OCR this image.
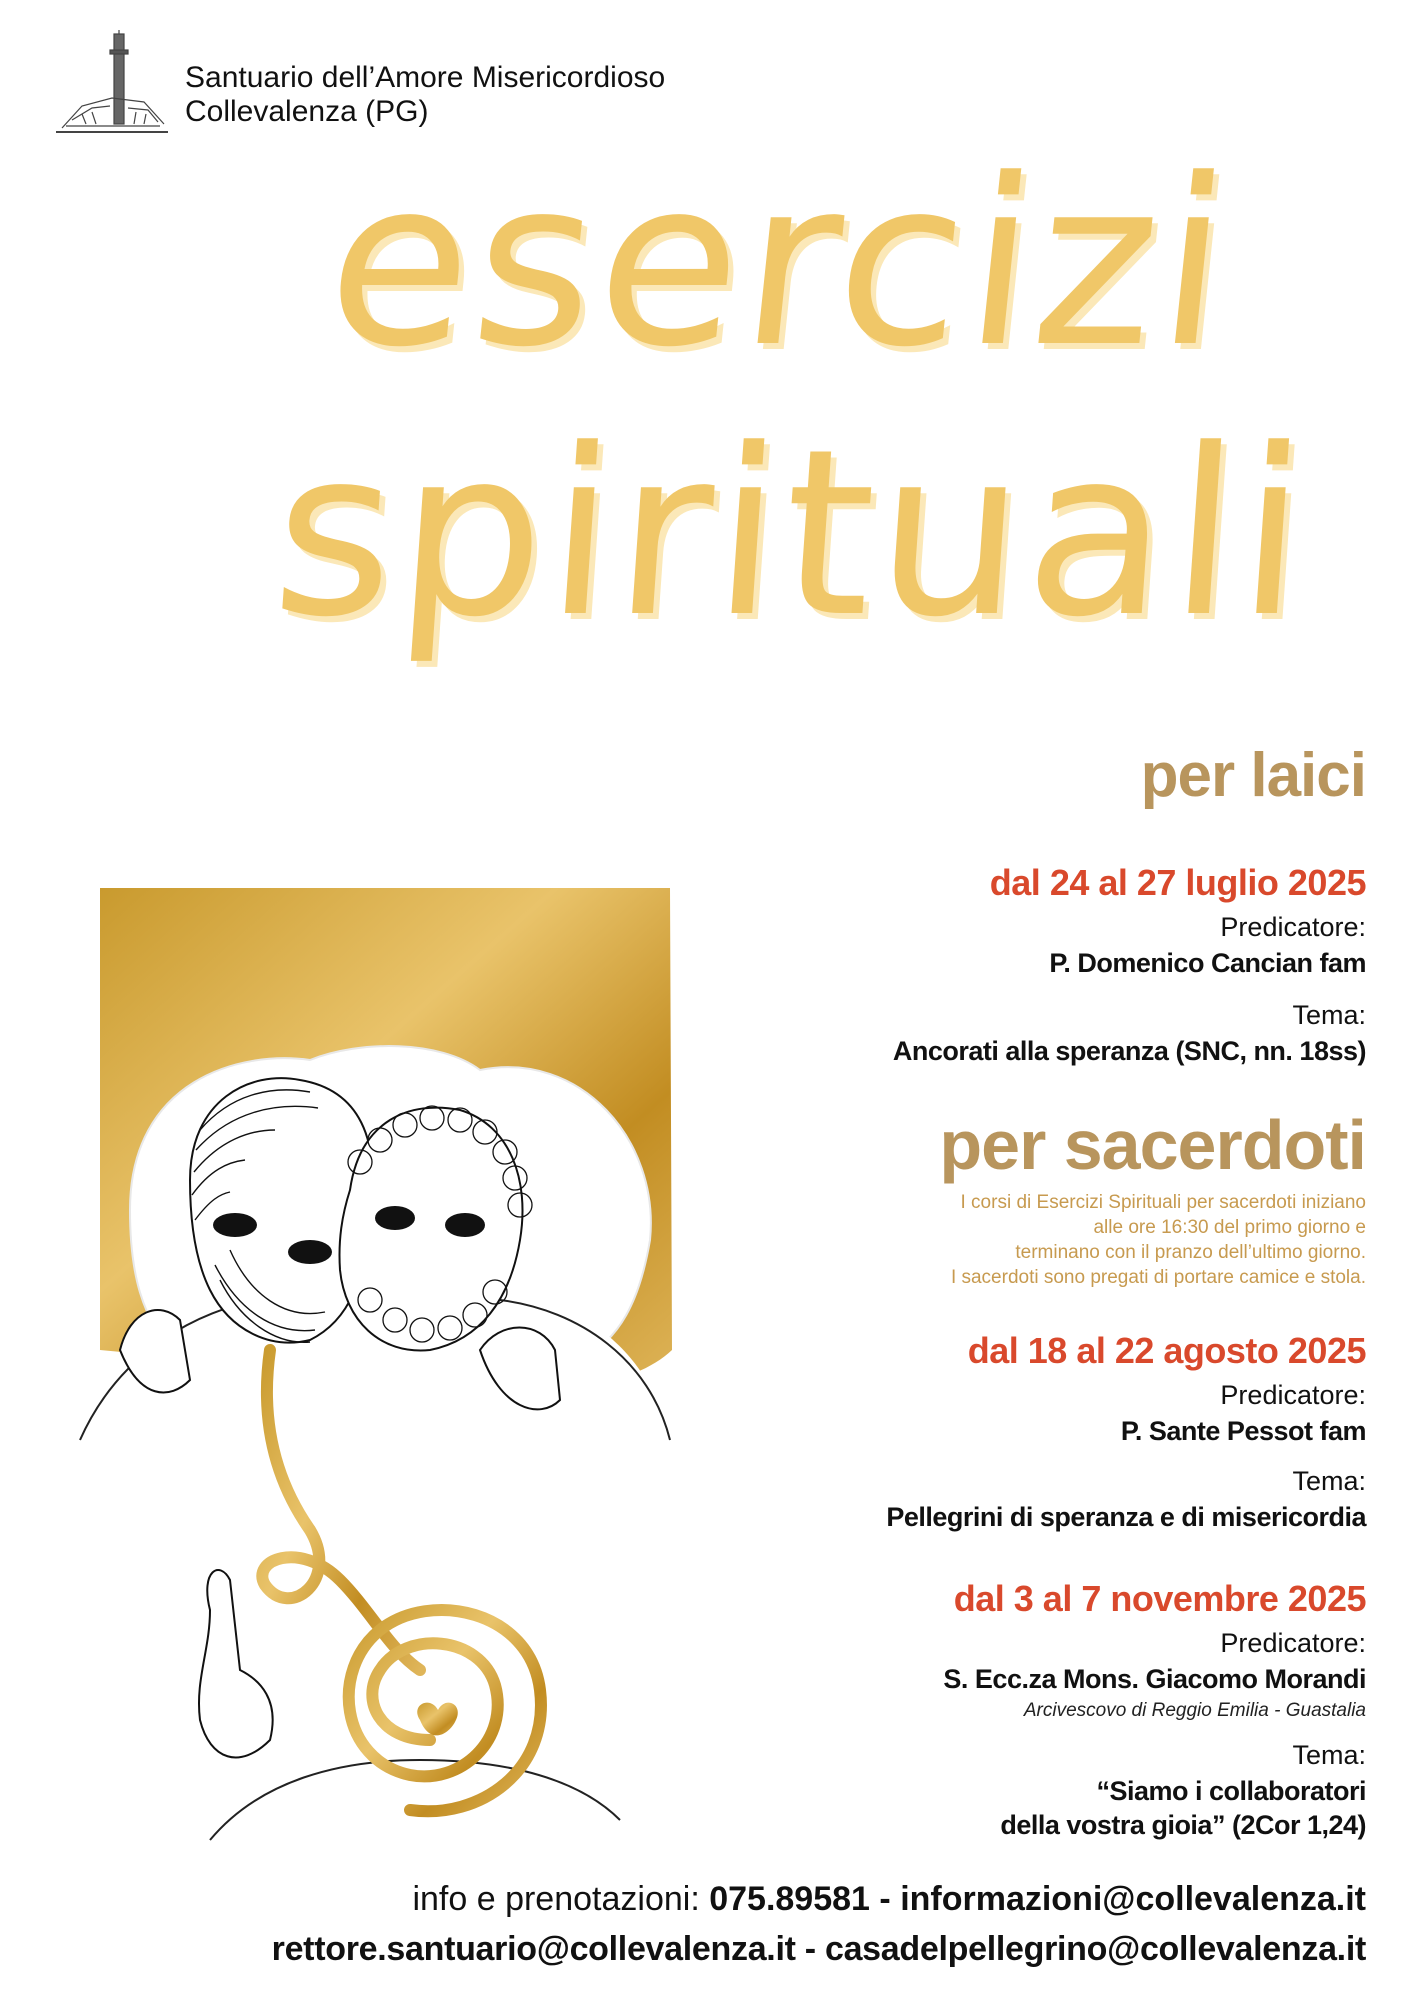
Santuario dell’Amore Misericordioso
Collevalenza (PG)
esercizi
spirituali
per laici
dal 24 al 27 luglio 2025
Predicatore:
P. Domenico Cancian fam
Tema:
Ancorati alla speranza (SNC, nn. 18ss)
per sacerdoti
I corsi di Esercizi Spirituali per sacerdoti iniziano
alle ore 16:30 del primo giorno e
terminano con il pranzo dell’ultimo giorno.
I sacerdoti sono pregati di portare camice e stola.
dal 18 al 22 agosto 2025
Predicatore:
P. Sante Pessot fam
Tema:
Pellegrini di speranza e di misericordia
dal 3 al 7 novembre 2025
Predicatore:
S. Ecc.za Mons. Giacomo Morandi
Arcivescovo di Reggio Emilia - Guastalia
Tema:
“Siamo i collaboratori
della vostra gioia” (2Cor 1,24)
info e prenotazioni: 075.89581 - informazioni@collevalenza.it
rettore.santuario@collevalenza.it - casadelpellegrino@collevalenza.it
